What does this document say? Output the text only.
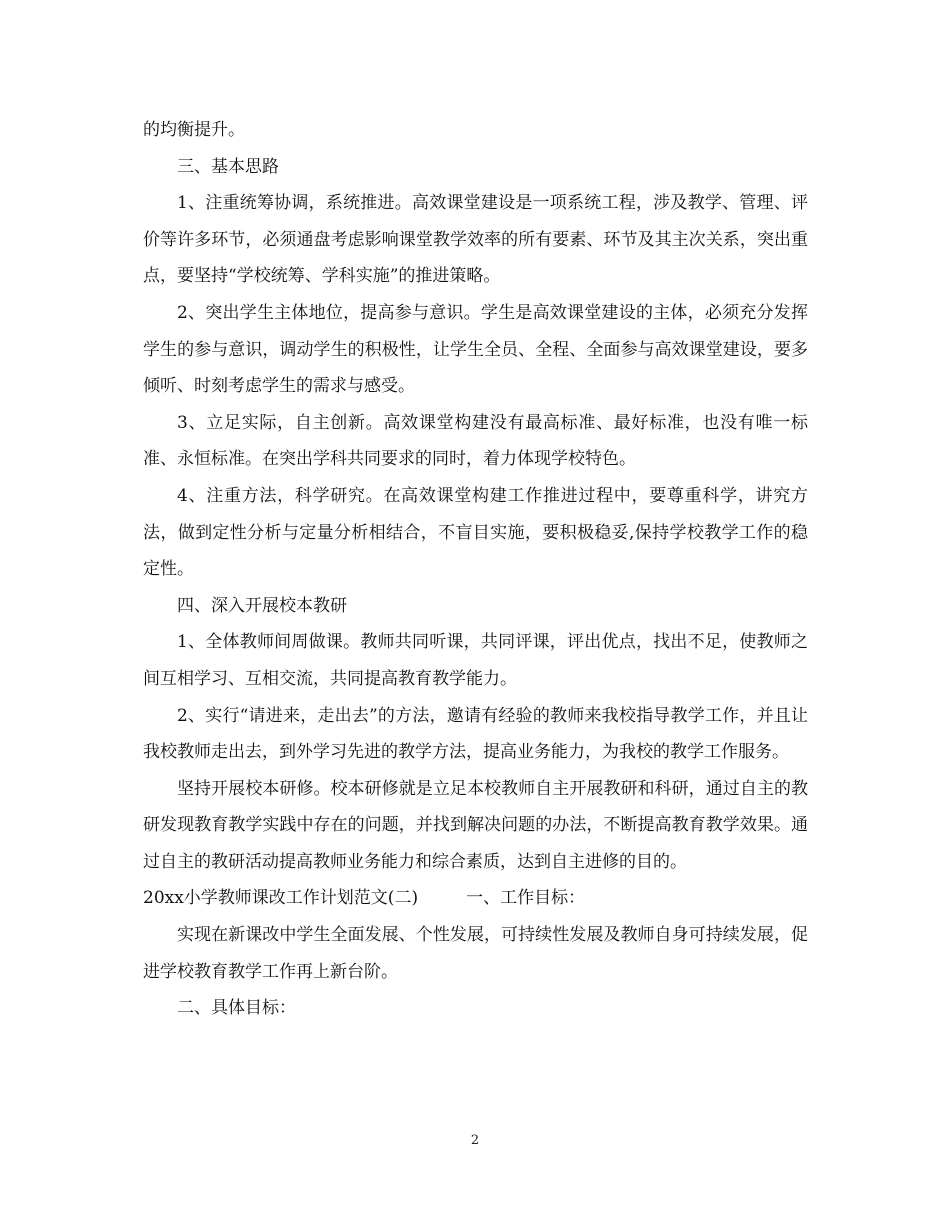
的均衡提升。

三、基本思路

1、注重统筹协调，系统推进。高效课堂建设是一项系统工程，涉及教学、管理、评价等许多环节，必须通盘考虑影响课堂教学效率的所有要素、环节及其主次关系，突出重点，要坚持“学校统筹、学科实施”的推进策略。

2、突出学生主体地位，提高参与意识。学生是高效课堂建设的主体，必须充分发挥学生的参与意识，调动学生的积极性，让学生全员、全程、全面参与高效课堂建设，要多倾听、时刻考虑学生的需求与感受。

3、立足实际，自主创新。高效课堂构建没有最高标准、最好标准，也没有唯一标准、永恒标准。在突出学科共同要求的同时，着力体现学校特色。

4、注重方法，科学研究。在高效课堂构建工作推进过程中，要尊重科学，讲究方法，做到定性分析与定量分析相结合，不盲目实施，要积极稳妥,保持学校教学工作的稳定性。

四、深入开展校本教研

1、全体教师间周做课。教师共同听课，共同评课，评出优点，找出不足，使教师之间互相学习、互相交流，共同提高教育教学能力。

2、实行“请进来，走出去”的方法，邀请有经验的教师来我校指导教学工作，并且让我校教师走出去，到外学习先进的教学方法，提高业务能力，为我校的教学工作服务。

坚持开展校本研修。校本研修就是立足本校教师自主开展教研和科研，通过自主的教研发现教育教学实践中存在的问题，并找到解决问题的办法，不断提高教育教学效果。通过自主的教研活动提高教师业务能力和综合素质，达到自主进修的目的。

20xx小学教师课改工作计划范文(二)	一、工作目标：

实现在新课改中学生全面发展、个性发展，可持续性发展及教师自身可持续发展，促进学校教育教学工作再上新台阶。

二、具体目标：

2
